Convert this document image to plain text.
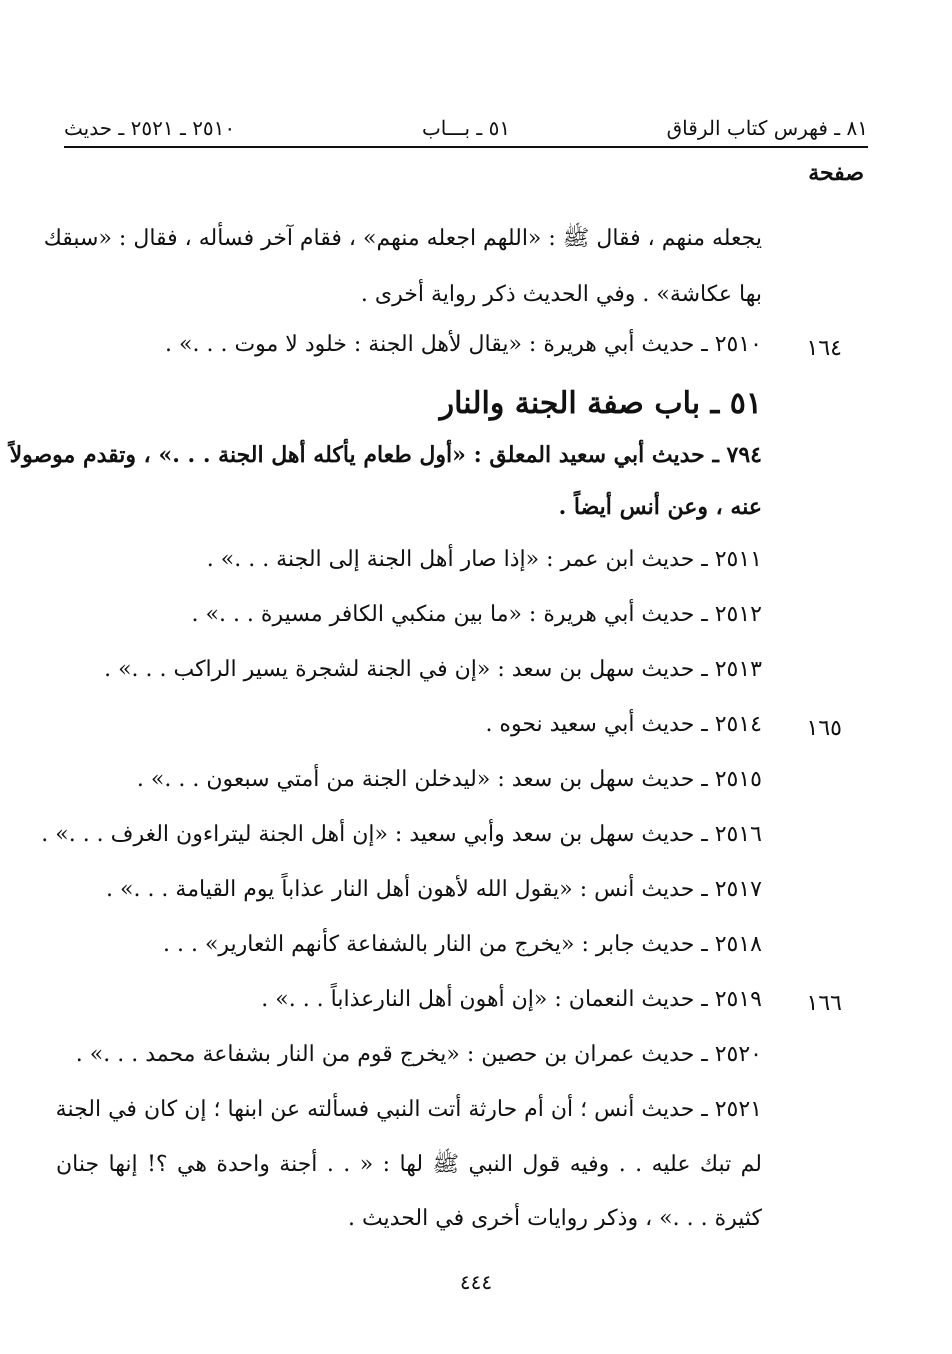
٨١ ـ فهرس كتاب الرقاق
٥١ ـ بـــاب
٢٥١٠ ـ ٢٥٢١ ـ حديث
صفحة
يجعله منهم ، فقال ﷺ : «اللهم اجعله منهم» ، فقام آخر فسأله ، فقال : «سبقك
بها عكاشة» . وفي الحديث ذكر رواية أخرى .
١٦٤
٢٥١٠ ـ حديث أبي هريرة : «يقال لأهل الجنة : خلود لا موت . . .» .
٥١ ـ باب صفة الجنة والنار
٧٩٤ ـ حديث أبي سعيد المعلق : «أول طعام يأكله أهل الجنة . . .» ، وتقدم موصولاً
عنه ، وعن أنس أيضاً .
٢٥١١ ـ حديث ابن عمر : «إذا صار أهل الجنة إلى الجنة . . .» .
٢٥١٢ ـ حديث أبي هريرة : «ما بين منكبي الكافر مسيرة . . .» .
٢٥١٣ ـ حديث سهل بن سعد : «إن في الجنة لشجرة يسير الراكب . . .» .
١٦٥
٢٥١٤ ـ حديث أبي سعيد نحوه .
٢٥١٥ ـ حديث سهل بن سعد : «ليدخلن الجنة من أمتي سبعون . . .» .
٢٥١٦ ـ حديث سهل بن سعد وأبي سعيد : «إن أهل الجنة ليتراءون الغرف . . .» .
٢٥١٧ ـ حديث أنس : «يقول الله لأهون أهل النار عذاباً يوم القيامة . . .» .
٢٥١٨ ـ حديث جابر : «يخرج من النار بالشفاعة كأنهم الثعارير» . . .
١٦٦
٢٥١٩ ـ حديث النعمان : «إن أهون أهل النارعذاباً . . .» .
٢٥٢٠ ـ حديث عمران بن حصين : «يخرج قوم من النار بشفاعة محمد . . .» .
٢٥٢١ ـ حديث أنس ؛ أن أم حارثة أتت النبي فسألته عن ابنها ؛ إن كان في الجنة
لم تبك عليه . . وفيه قول النبي ﷺ لها : « . . أجنة واحدة هي ؟! إنها جنان
كثيرة . . .» ، وذكر روايات أخرى في الحديث .
٤٤٤
